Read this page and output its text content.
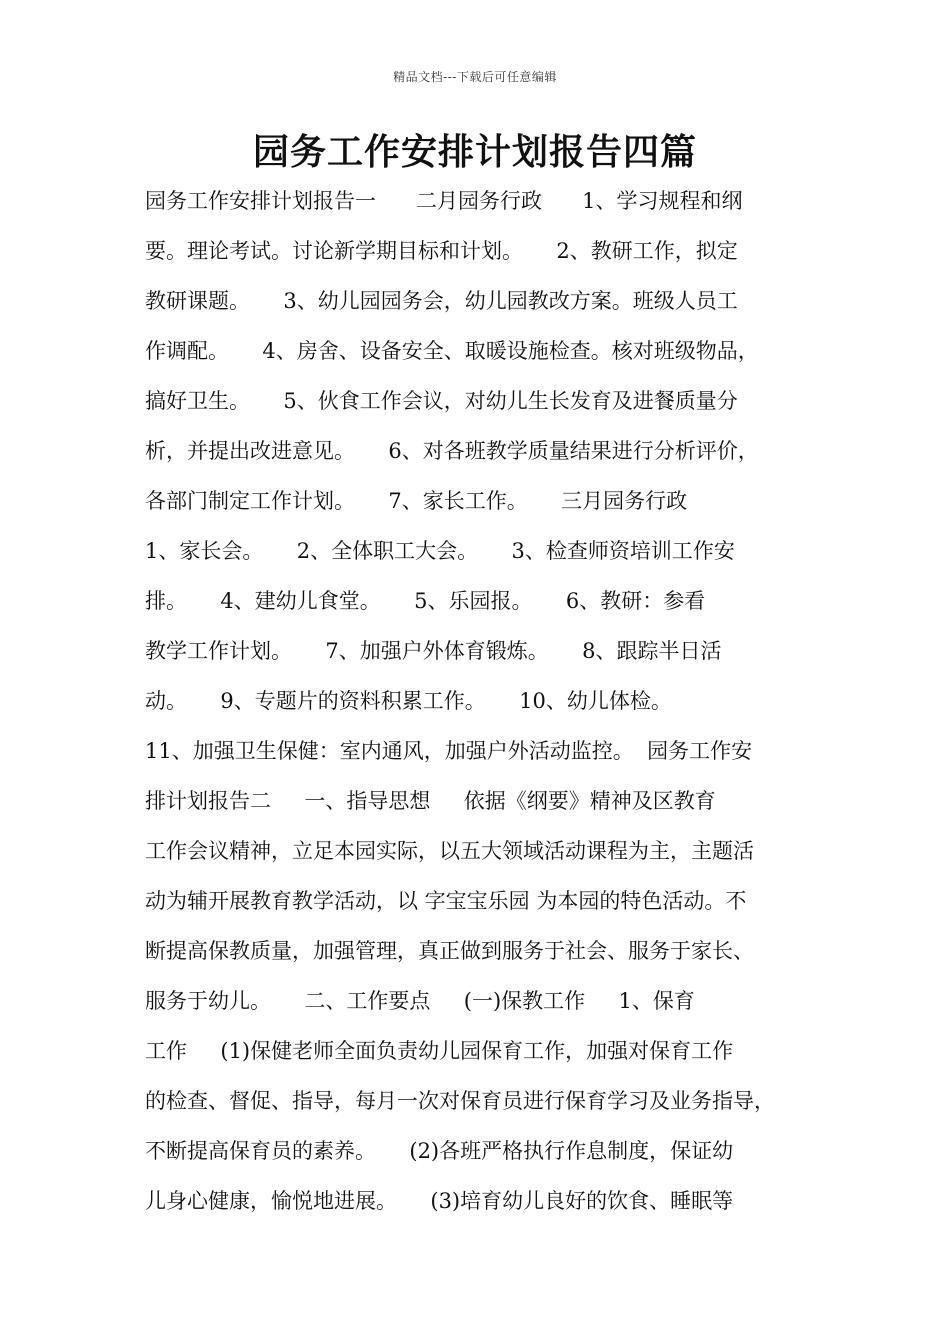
精品文档---下载后可任意编辑
园务工作安排计划报告四篇
园务工作安排计划报告一      二月园务行政      1、学习规程和纲
要。理论考试。讨论新学期目标和计划。     2、教研工作，拟定
教研课题。     3、幼儿园园务会，幼儿园教改方案。班级人员工
作调配。     4、房舍、设备安全、取暖设施检查。核对班级物品，
搞好卫生。     5、伙食工作会议，对幼儿生长发育及进餐质量分
析，并提出改进意见。     6、对各班教学质量结果进行分析评价，
各部门制定工作计划。     7、家长工作。     三月园务行政
1、家长会。     2、全体职工大会。     3、检查师资培训工作安
排。     4、建幼儿食堂。     5、乐园报。     6、教研：参看
教学工作计划。     7、加强户外体育锻炼。     8、跟踪半日活
动。     9、专题片的资料积累工作。     10、幼儿体检。
11、加强卫生保健：室内通风，加强户外活动监控。  园务工作安
排计划报告二     一、指导思想     依据《纲要》精神及区教育
工作会议精神，立足本园实际，以五大领域活动课程为主，主题活
动为辅开展教育教学活动，以 字宝宝乐园 为本园的特色活动。不
断提高保教质量，加强管理，真正做到服务于社会、服务于家长、
服务于幼儿。     二、工作要点     (一)保教工作     1、保育
工作     (1)保健老师全面负责幼儿园保育工作，加强对保育工作
的检查、督促、指导，每月一次对保育员进行保育学习及业务指导，
不断提高保育员的素养。     (2)各班严格执行作息制度，保证幼
儿身心健康，愉悦地进展。     (3)培育幼儿良好的饮食、睡眠等
